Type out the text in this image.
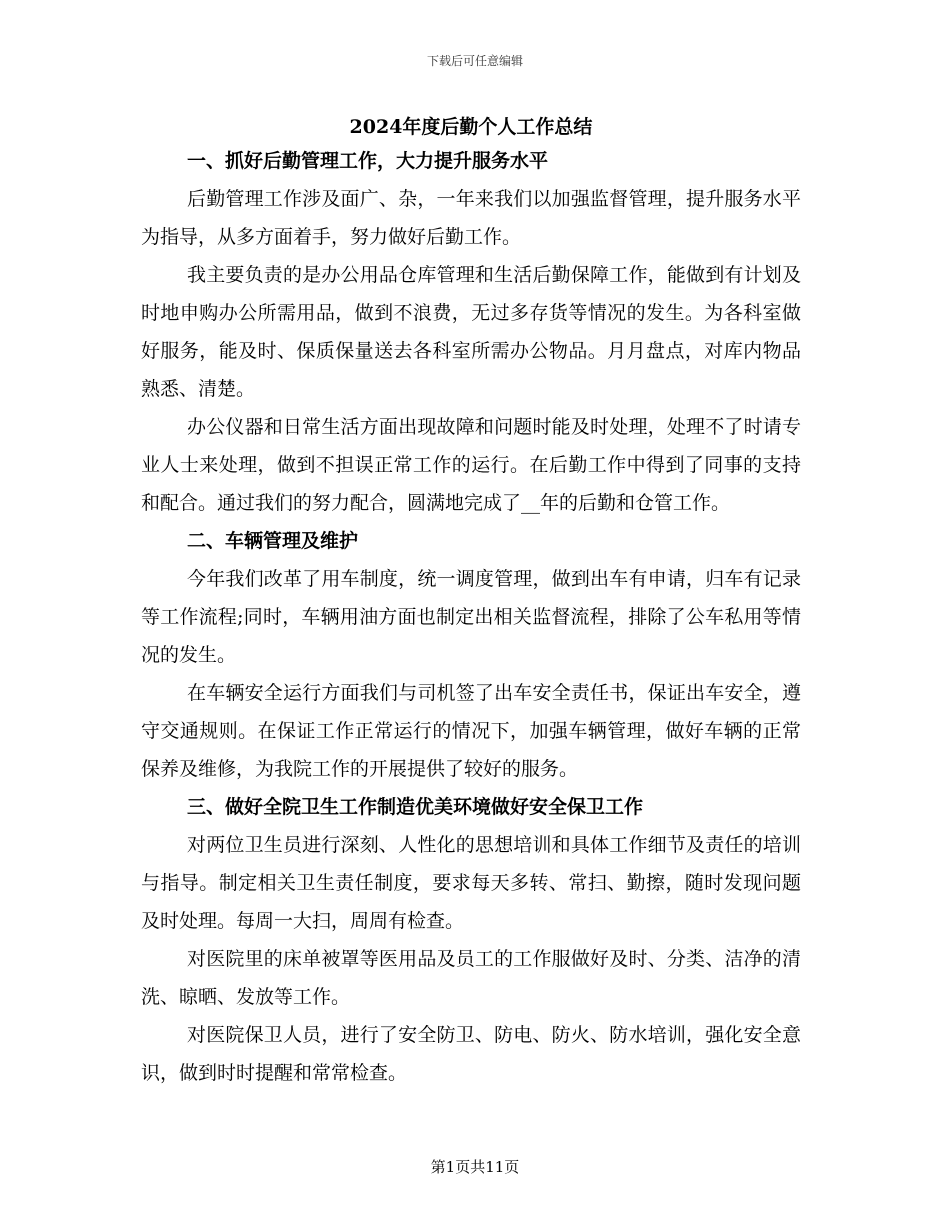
下载后可任意编辑
2024年度后勤个人工作总结
一、抓好后勤管理工作，大力提升服务水平

后勤管理工作涉及面广、杂，一年来我们以加强监督管理，提升服务水平为指导，从多方面着手，努力做好后勤工作。

我主要负责的是办公用品仓库管理和生活后勤保障工作，能做到有计划及时地申购办公所需用品，做到不浪费，无过多存货等情况的发生。为各科室做好服务，能及时、保质保量送去各科室所需办公物品。月月盘点，对库内物品熟悉、清楚。

办公仪器和日常生活方面出现故障和问题时能及时处理，处理不了时请专业人士来处理，做到不担误正常工作的运行。在后勤工作中得到了同事的支持和配合。通过我们的努力配合，圆满地完成了__年的后勤和仓管工作。

二、车辆管理及维护

今年我们改革了用车制度，统一调度管理，做到出车有申请，归车有记录等工作流程;同时，车辆用油方面也制定出相关监督流程，排除了公车私用等情况的发生。

在车辆安全运行方面我们与司机签了出车安全责任书，保证出车安全，遵守交通规则。在保证工作正常运行的情况下，加强车辆管理，做好车辆的正常保养及维修，为我院工作的开展提供了较好的服务。

三、做好全院卫生工作制造优美环境做好安全保卫工作

对两位卫生员进行深刻、人性化的思想培训和具体工作细节及责任的培训与指导。制定相关卫生责任制度，要求每天多转、常扫、勤擦，随时发现问题及时处理。每周一大扫，周周有检查。

对医院里的床单被罩等医用品及员工的工作服做好及时、分类、洁净的清洗、晾晒、发放等工作。

对医院保卫人员，进行了安全防卫、防电、防火、防水培训，强化安全意识，做到时时提醒和常常检查。

第1页共11页
